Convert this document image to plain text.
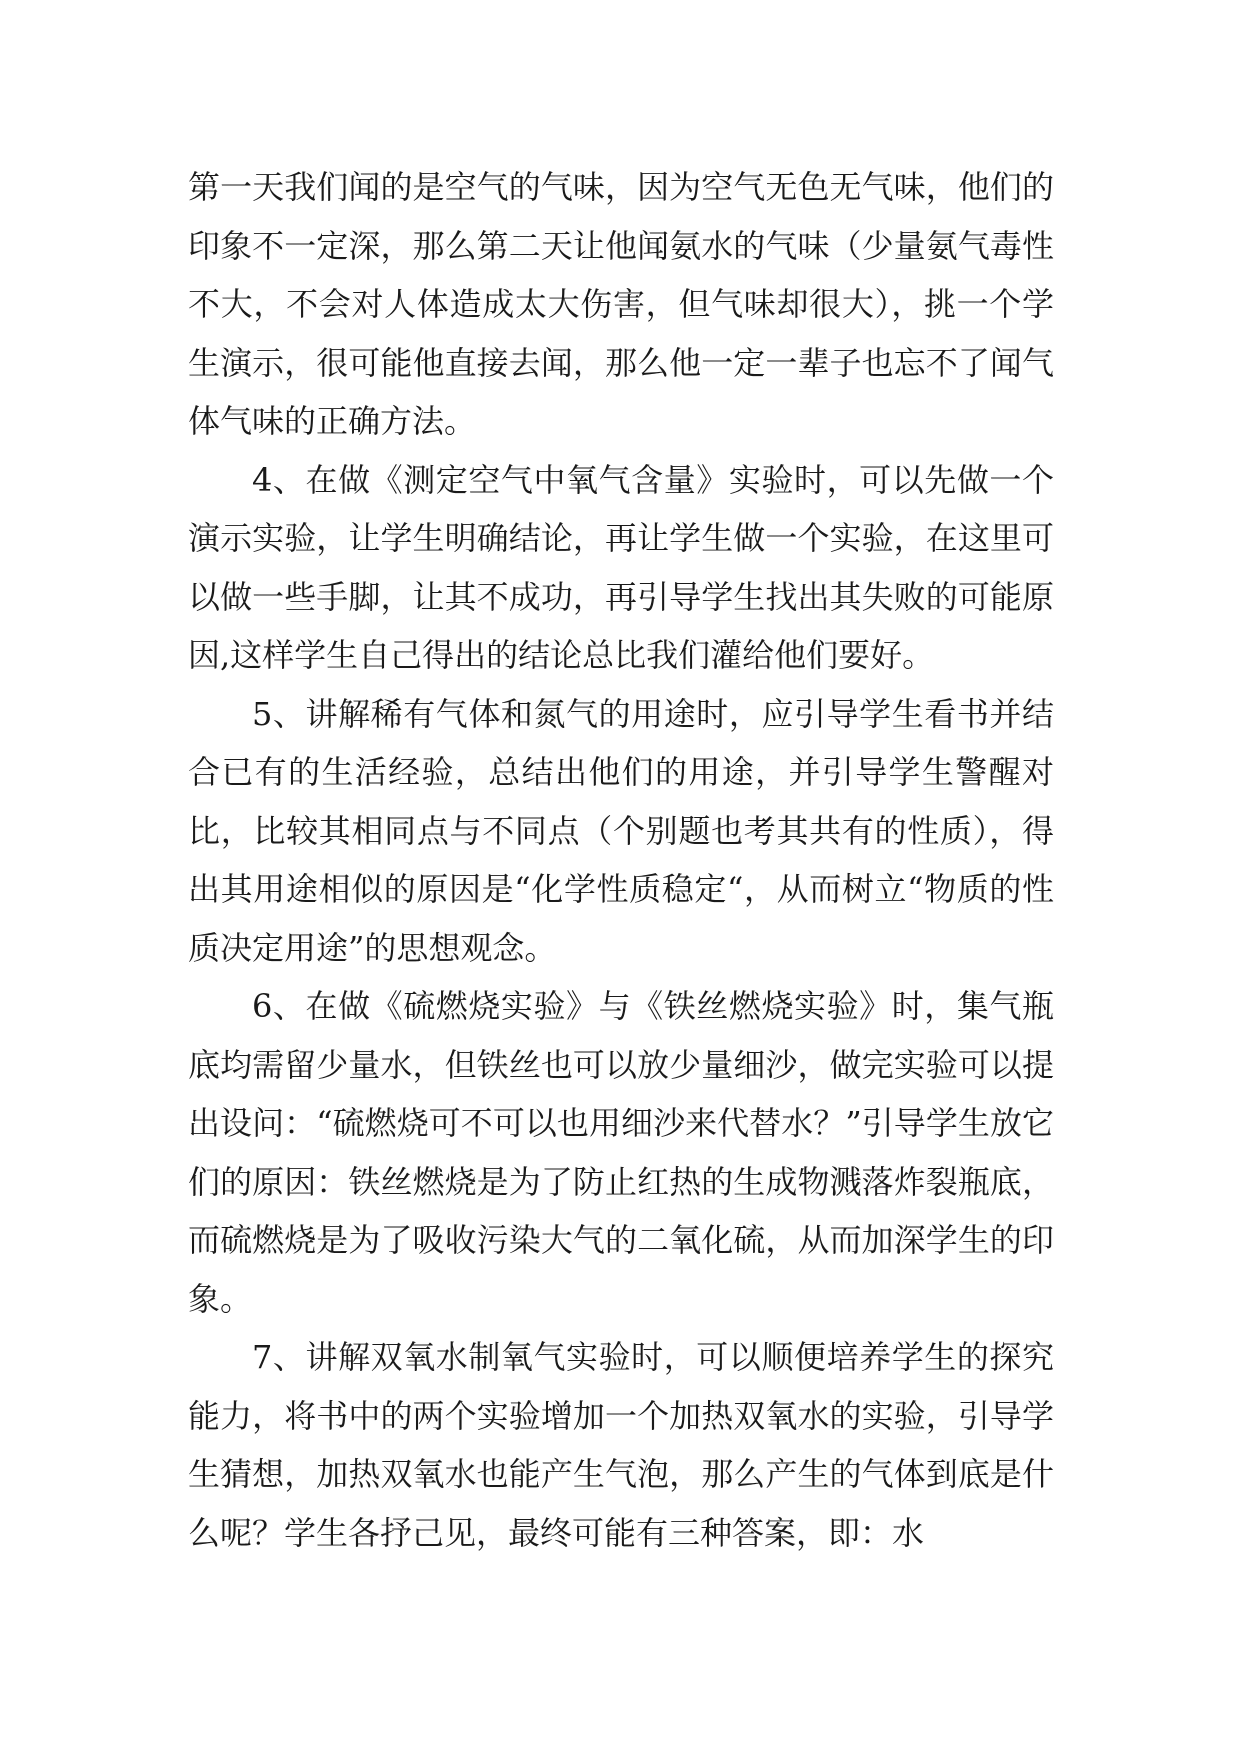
第一天我们闻的是空气的气味，因为空气无色无气味，他们的印象不一定深，那么第二天让他闻氨水的气味（少量氨气毒性不大，不会对人体造成太大伤害，但气味却很大），挑一个学生演示，很可能他直接去闻，那么他一定一辈子也忘不了闻气体气味的正确方法。

4、在做《测定空气中氧气含量》实验时，可以先做一个演示实验，让学生明确结论，再让学生做一个实验，在这里可以做一些手脚，让其不成功，再引导学生找出其失败的可能原因,这样学生自己得出的结论总比我们灌给他们要好。

5、讲解稀有气体和氮气的用途时，应引导学生看书并结合已有的生活经验，总结出他们的用途，并引导学生警醒对比，比较其相同点与不同点（个别题也考其共有的性质），得出其用途相似的原因是“化学性质稳定“，从而树立“物质的性质决定用途”的思想观念。

6、在做《硫燃烧实验》与《铁丝燃烧实验》时，集气瓶底均需留少量水，但铁丝也可以放少量细沙，做完实验可以提出设问：“硫燃烧可不可以也用细沙来代替水？”引导学生放它们的原因：铁丝燃烧是为了防止红热的生成物溅落炸裂瓶底，而硫燃烧是为了吸收污染大气的二氧化硫，从而加深学生的印象。

7、讲解双氧水制氧气实验时，可以顺便培养学生的探究能力，将书中的两个实验增加一个加热双氧水的实验，引导学生猜想，加热双氧水也能产生气泡，那么产生的气体到底是什么呢？学生各抒己见，最终可能有三种答案，即：水
